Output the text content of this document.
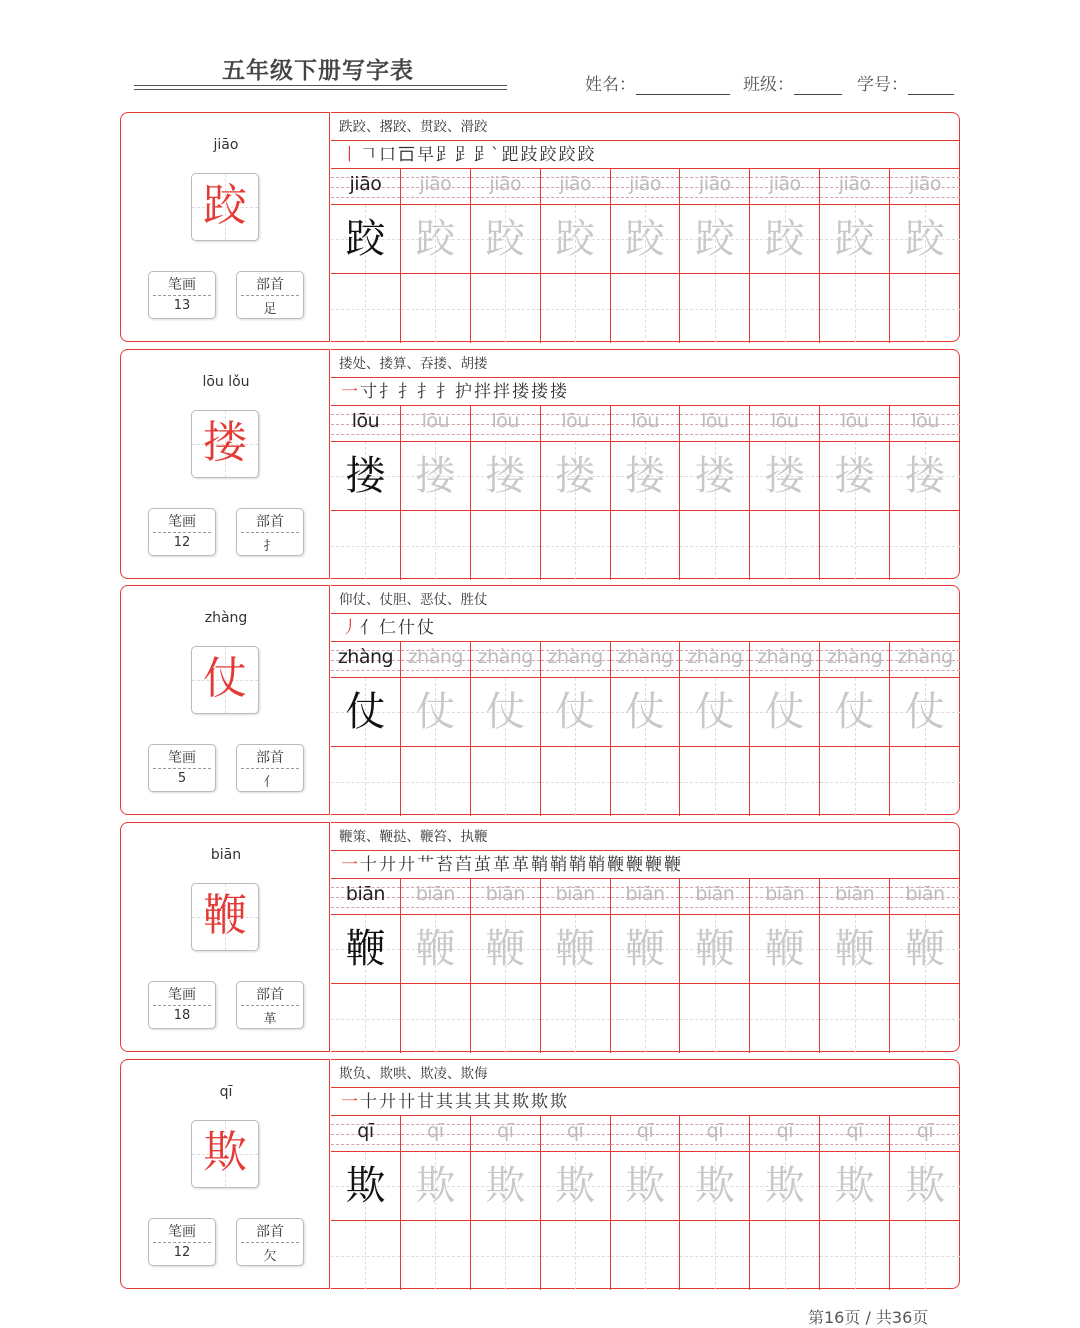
五年级下册写字表
姓名：	班级：	学号：
jiāo
跤
笔画
13
部首
足
跌跤、撂跤、贯跤、滑跤
丨 𠃍 口 𠮛 早 𧾷 𧾷 𧾷` 跁 跂 跤 跤 跤
jiāo
跤
jiāo
跤
jiāo
跤
jiāo
跤
jiāo
跤
jiāo
跤
jiāo
跤
jiāo
跤
jiāo
跤
lōu lǒu
搂
笔画
12
部首
扌
搂处、搂算、吞搂、胡搂
一 寸 扌 扌 扌 扌 护 拌 拌 搂 搂 搂
lōu
搂
lōu
搂
lōu
搂
lōu
搂
lōu
搂
lōu
搂
lōu
搂
lōu
搂
lōu
搂
zhàng
仗
笔画
5
部首
亻
仰仗、仗胆、恶仗、胜仗
丿 亻 仁 什 仗
zhàng
仗
zhàng
仗
zhàng
仗
zhàng
仗
zhàng
仗
zhàng
仗
zhàng
仗
zhàng
仗
zhàng
仗
biān
鞭
笔画
18
部首
革
鞭策、鞭挞、鞭笞、执鞭
一 十 廾 廾 艹 苔 苩 茧 革 革 鞘 鞘 鞘 鞘 鞭 鞭 鞭 鞭
biān
鞭
biān
鞭
biān
鞭
biān
鞭
biān
鞭
biān
鞭
biān
鞭
biān
鞭
biān
鞭
qī
欺
笔画
12
部首
欠
欺负、欺哄、欺凌、欺侮
一 十 廾 卄 甘 其 其 其 其 欺 欺 欺
qī
欺
qī
欺
qī
欺
qī
欺
qī
欺
qī
欺
qī
欺
qī
欺
qī
欺
第16页 / 共36页
